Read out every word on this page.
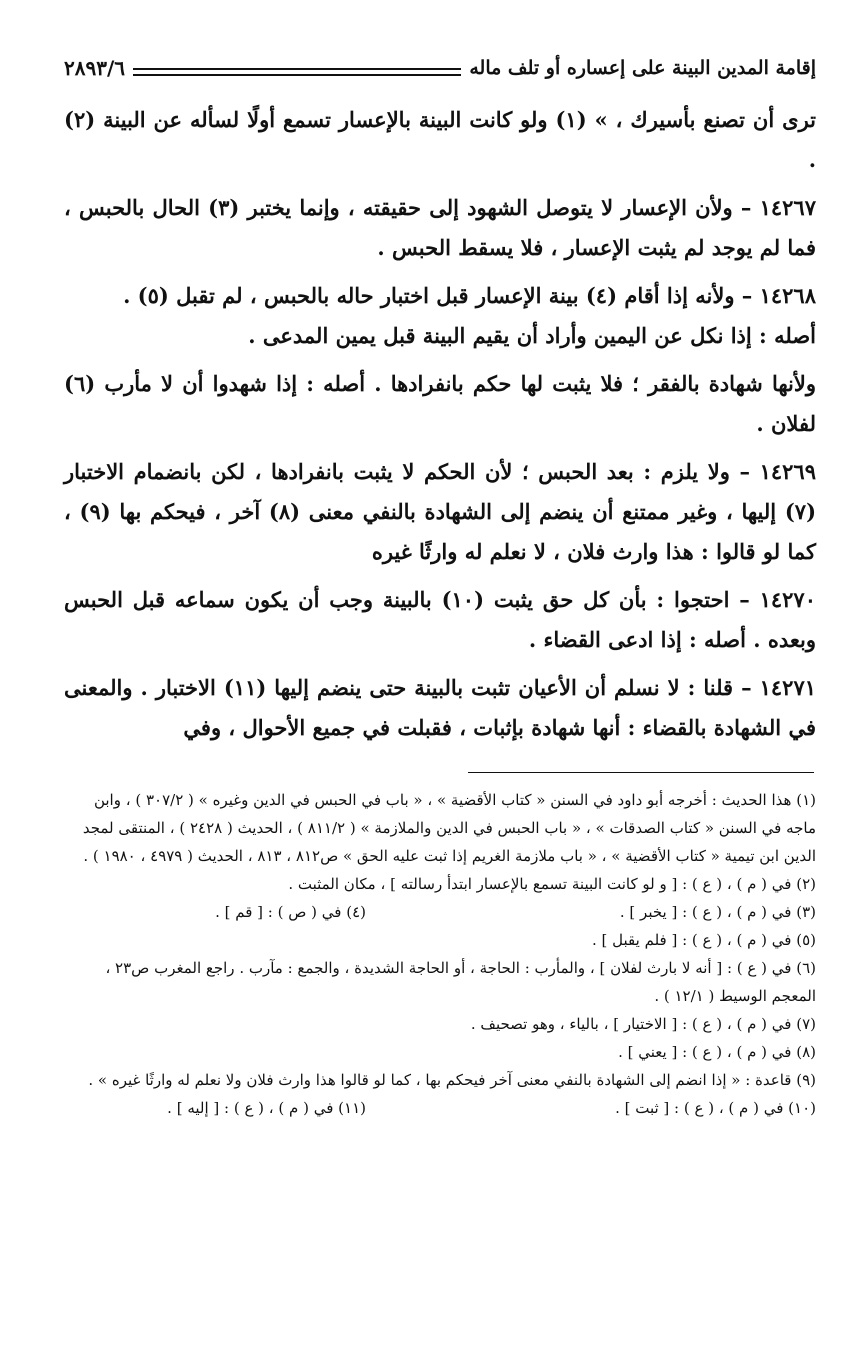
إقامة المدين البينة على إعساره أو تلف ماله
٢٨٩٣/٦

ترى أن تصنع بأسيرك ، » (١) ولو كانت البينة بالإعسار تسمع أولًا لسأله عن البينة (٢) .

١٤٢٦٧ – ولأن الإعسار لا يتوصل الشهود إلى حقيقته ، وإنما يختبر (٣) الحال بالحبس ، فما لم يوجد لم يثبت الإعسار ، فلا يسقط الحبس .

١٤٢٦٨ – ولأنه إذا أقام (٤) بينة الإعسار قبل اختبار حاله بالحبس ، لم تقبل (٥) .

أصله : إذا نكل عن اليمين وأراد أن يقيم البينة قبل يمين المدعى .

ولأنها شهادة بالفقر ؛ فلا يثبت لها حكم بانفرادها . أصله : إذا شهدوا أن لا مأرب (٦) لفلان .

١٤٢٦٩ – ولا يلزم : بعد الحبس ؛ لأن الحكم لا يثبت بانفرادها ، لكن بانضمام الاختبار (٧) إليها ، وغير ممتنع أن ينضم إلى الشهادة بالنفي معنى (٨) آخر ، فيحكم بها (٩) ، كما لو قالوا : هذا وارث فلان ، لا نعلم له وارثًا غيره

١٤٢٧٠ – احتجوا : بأن كل حق يثبت (١٠) بالبينة وجب أن يكون سماعه قبل الحبس وبعده . أصله : إذا ادعى القضاء .

١٤٢٧١ – قلنا : لا نسلم أن الأعيان تثبت بالبينة حتى ينضم إليها (١١) الاختبار . والمعنى في الشهادة بالقضاء : أنها شهادة بإثبات ، فقبلت في جميع الأحوال ، وفي

(١) هذا الحديث : أخرجه أبو داود في السنن « كتاب الأقضية » ، « باب في الحبس في الدين وغيره » ( ٣٠٧/٢ ) ، وابن ماجه في السنن « كتاب الصدقات » ، « باب الحبس في الدين والملازمة » ( ٨١١/٢ ) ، الحديث ( ٢٤٢٨ ) ، المنتقى لمجد الدين ابن تيمية « كتاب الأقضية » ، « باب ملازمة الغريم إذا ثبت عليه الحق » ص٨١٢ ، ٨١٣ ، الحديث ( ٤٩٧٩ ، ١٩٨٠ ) .

(٢) في ( م ) ، ( ع ) : [ و لو كانت البينة تسمع بالإعسار ابتدأ رسالته ] ، مكان المثبت .

(٣) في ( م ) ، ( ع ) : [ يخبر ] .
(٤) في ( ص ) : [ قم ] .

(٥) في ( م ) ، ( ع ) : [ فلم يقبل ] .

(٦) في ( ع ) : [ أنه لا بارث لفلان ] ، والمأرب : الحاجة ، أو الحاجة الشديدة ، والجمع : مآرب . راجع المغرب ص٢٣ ، المعجم الوسيط ( ١٢/١ ) .

(٧) في ( م ) ، ( ع ) : [ الاختيار ] ، بالياء ، وهو تصحيف .

(٨) في ( م ) ، ( ع ) : [ يعني ] .

(٩) قاعدة : « إذا انضم إلى الشهادة بالنفي معنى آخر فيحكم بها ، كما لو قالوا هذا وارث فلان ولا نعلم له وارثًا غيره » .

(١٠) في ( م ) ، ( ع ) : [ ثبت ] .
(١١) في ( م ) ، ( ع ) : [ إليه ] .
